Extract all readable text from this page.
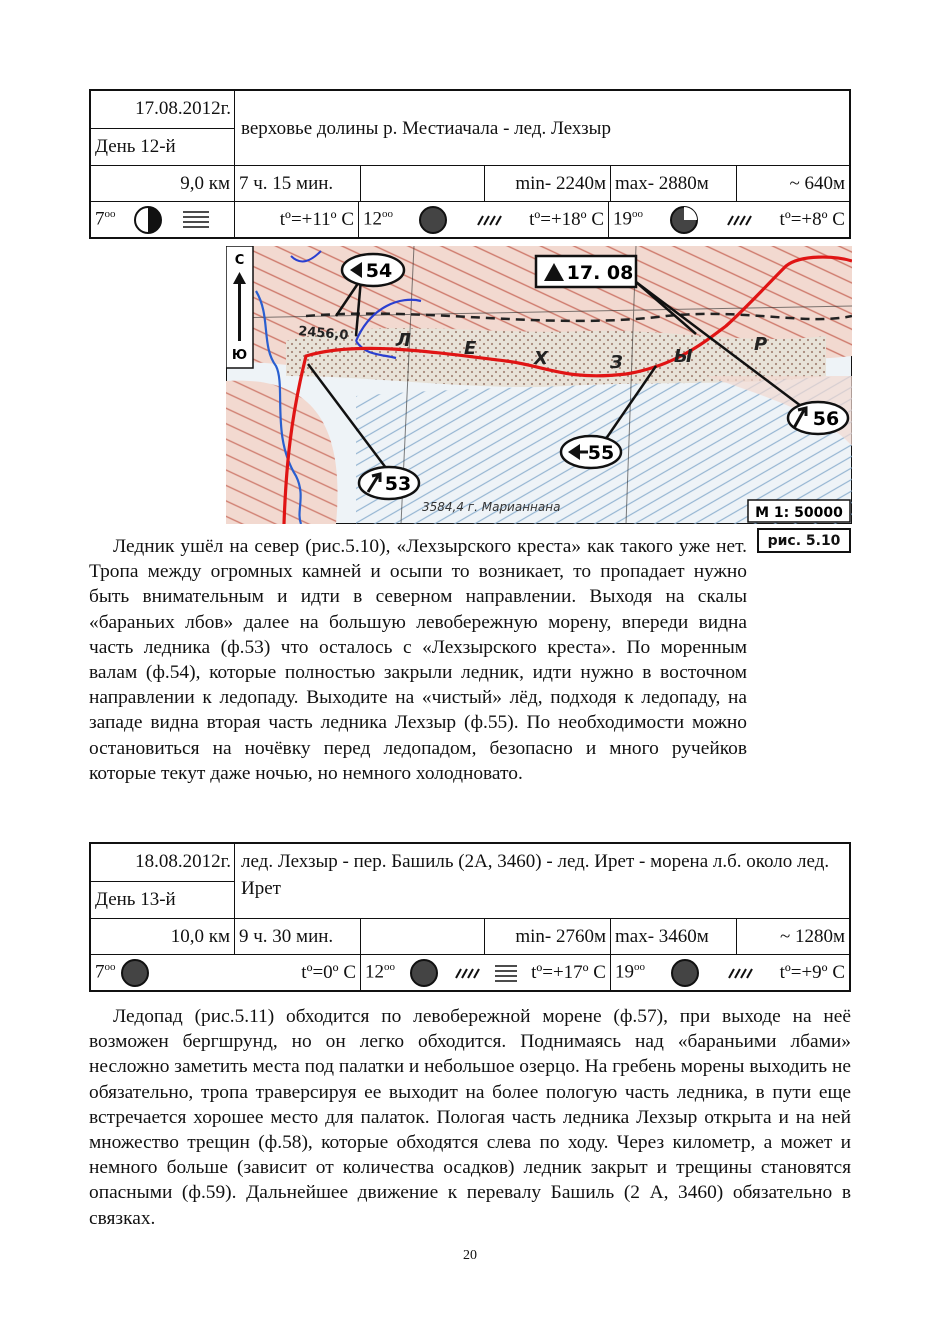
17.08.2012г.
День 12-й
верховье долины р. Местиачала - лед. Лехзыр
9,0 км 7 ч. 15 мин.	min- 2240м max- 2880м	~ 640м
$7^{oo}$	tº=+11º C $12^{oo}$	tº=+18º C $19^{oo}$	tº=+8º C
2456,0
3584,4 г. Марианнана
Л	Е	Х	З	Ы
Р
С
Ю
54	17. 08
56
55
53
М 1: 50000
рис. 5.10

Ледник ушёл на север (рис.5.10), «Лехзырского креста» как такого уже нет. Тропа между огромных камней и осыпи то возникает, то пропадает нужно быть внимательным и идти в северном направлении. Выходя на скалы «бараньих лбов» далее на большую левобережную морену, впереди видна часть ледника (ф.53) что осталось с «Лехзырского креста». По моренным валам (ф.54), которые полностью закрыли ледник, идти нужно в восточном направлении к ледопаду. Выходите на «чистый» лёд, подходя к ледопаду, на западе видна вторая часть ледника Лехзыр (ф.55). По необходимости можно остановиться на ночёвку перед ледопадом, безопасно и много ручейков которые текут даже ночью, но немного холодновато.

18.08.2012г.
День 13-й
лед. Лехзыр - пер. Башиль (2А, 3460) - лед. Ирет - морена л.б. около лед. Ирет
10,0 км 9 ч. 30 мин.	min- 2760м max- 3460м	~ 1280м
$7^{oo}$	tº=0º C $12^{oo}$	tº=+17º C $19^{oo}$	tº=+9º C

Ледопад (рис.5.11) обходится по левобережной морене (ф.57), при выходе на неё возможен бергшрунд, но он легко обходится. Поднимаясь над «бараньими лбами» несложно заметить места под палатки и небольшое озерцо. На гребень морены выходить не обязательно, тропа траверсируя ее выходит на более пологую часть ледника, в пути еще встречается хорошее место для палаток. Пологая часть ледника Лехзыр открыта и на ней множество трещин (ф.58), которые обходятся слева по ходу. Через километр, а может и немного больше (зависит от количества осадков) ледник закрыт и трещины становятся опасными (ф.59). Дальнейшее движение к перевалу Башиль (2 А, 3460) обязательно в связках.

20
